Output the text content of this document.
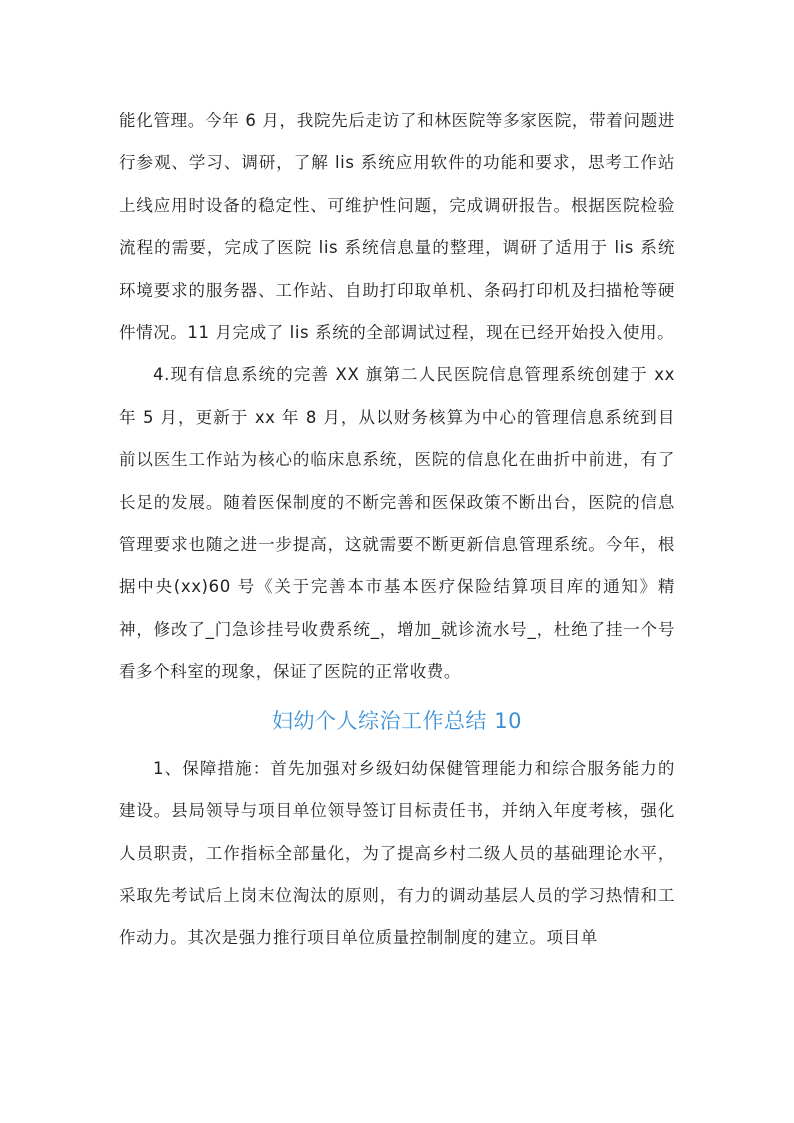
能化管理。今年 6 月，我院先后走访了和林医院等多家医院，带着问题进行参观、学习、调研，了解 lis 系统应用软件的功能和要求，思考工作站上线应用时设备的稳定性、可维护性问题，完成调研报告。根据医院检验流程的需要，完成了医院 lis 系统信息量的整理，调研了适用于 lis 系统环境要求的服务器、工作站、自助打印取单机、条码打印机及扫描枪等硬件情况。11 月完成了 lis 系统的全部调试过程，现在已经开始投入使用。

4.现有信息系统的完善 XX 旗第二人民医院信息管理系统创建于 xx 年 5 月，更新于 xx 年 8 月，从以财务核算为中心的管理信息系统到目前以医生工作站为核心的临床息系统，医院的信息化在曲折中前进，有了长足的发展。随着医保制度的不断完善和医保政策不断出台，医院的信息管理要求也随之进一步提高，这就需要不断更新信息管理系统。今年，根据中央(xx)60 号《关于完善本市基本医疗保险结算项目库的通知》精神，修改了_门急诊挂号收费系统_，增加_就诊流水号_，杜绝了挂一个号看多个科室的现象，保证了医院的正常收费。

妇幼个人综治工作总结 10

1、保障措施：首先加强对乡级妇幼保健管理能力和综合服务能力的建设。县局领导与项目单位领导签订目标责任书，并纳入年度考核，强化人员职责，工作指标全部量化，为了提高乡村二级人员的基础理论水平，采取先考试后上岗末位淘汰的原则，有力的调动基层人员的学习热情和工作动力。其次是强力推行项目单位质量控制制度的建立。项目单
